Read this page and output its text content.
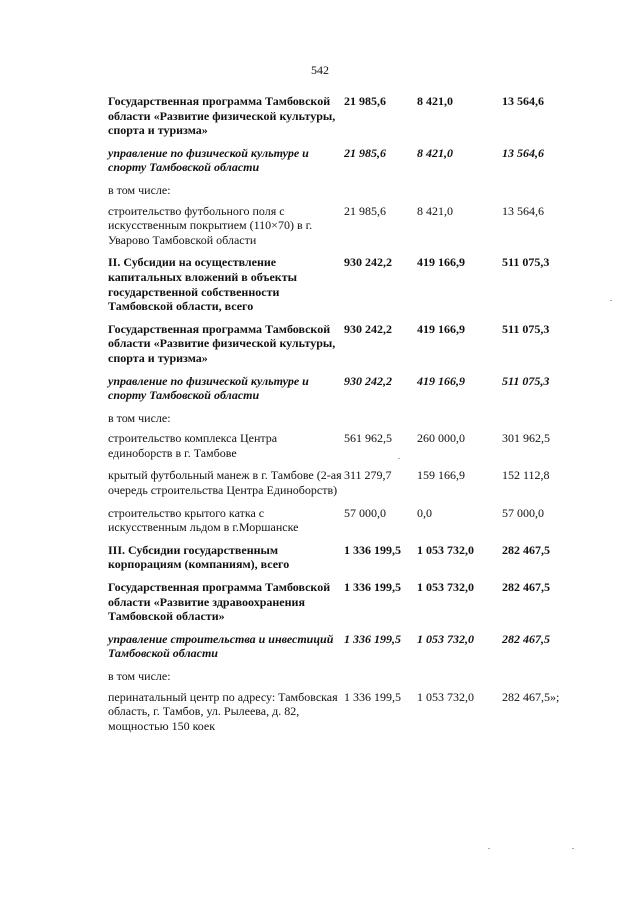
542
Государственная программа Тамбовской области «Развитие физической культуры, спорта и туризма»	21 985,6	8 421,0	13 564,6
управление по физической культуре и спорту Тамбовской области	21 985,6	8 421,0	13 564,6
в том числе:			
строительство футбольного поля с искусственным покрытием (110×70) в г. Уварово Тамбовской области	21 985,6	8 421,0	13 564,6
II. Субсидии на осуществление капитальных вложений в объекты государственной собственности Тамбовской области, всего	930 242,2	419 166,9	511 075,3
Государственная программа Тамбовской области «Развитие физической культуры, спорта и туризма»	930 242,2	419 166,9	511 075,3
управление по физической культуре и спорту Тамбовской области	930 242,2	419 166,9	511 075,3
в том числе:			
строительство комплекса Центра единоборств в г. Тамбове	561 962,5	260 000,0	301 962,5
крытый футбольный манеж в г. Тамбове (2-ая очередь строительства Центра Единоборств)	311 279,7	159 166,9	152 112,8
строительство крытого катка с искусственным льдом в г.Моршанске	57 000,0	0,0	57 000,0
III. Субсидии государственным корпорациям (компаниям), всего	1 336 199,5	1 053 732,0	282 467,5
Государственная программа Тамбовской области «Развитие здравоохранения Тамбовской области»	1 336 199,5	1 053 732,0	282 467,5
управление строительства и инвестиций Тамбовской области	1 336 199,5	1 053 732,0	282 467,5
в том числе:			
перинатальный центр по адресу: Тамбовская область, г. Тамбов, ул. Рылеева, д. 82, мощностью 150 коек	1 336 199,5	1 053 732,0	282 467,5»;
